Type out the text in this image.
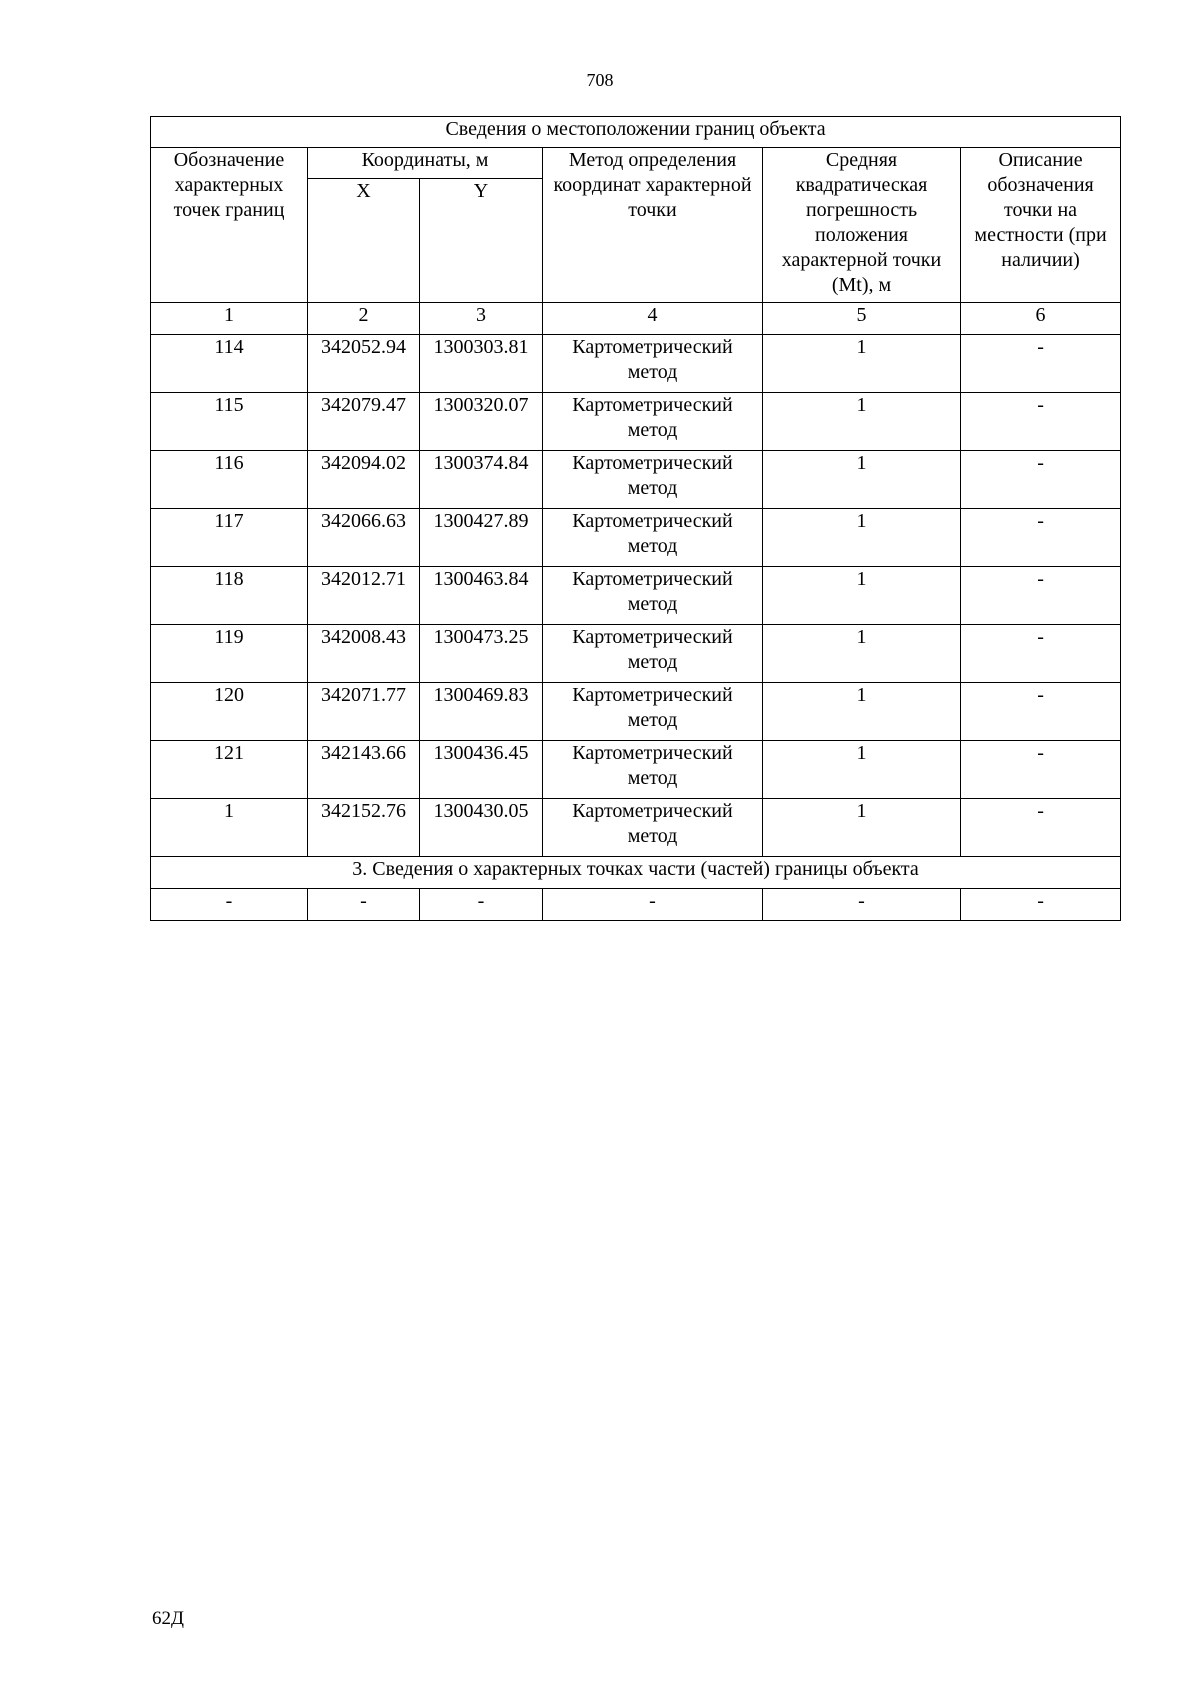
708
Сведения о местоположении границ объекта					
Обозначение характерных точек границ	Координаты, м		Метод определения координат характерной точки	Средняя квадратическая погрешность положения характерной точки (Mt), м	Описание обозначения точки на местности (при наличии)
	X	Y			
1	2	3	4	5	6
114	342052.94	1300303.81	Картометрический метод	1	-
115	342079.47	1300320.07	Картометрический метод	1	-
116	342094.02	1300374.84	Картометрический метод	1	-
117	342066.63	1300427.89	Картометрический метод	1	-
118	342012.71	1300463.84	Картометрический метод	1	-
119	342008.43	1300473.25	Картометрический метод	1	-
120	342071.77	1300469.83	Картометрический метод	1	-
121	342143.66	1300436.45	Картометрический метод	1	-
1	342152.76	1300430.05	Картометрический метод	1	-
3. Сведения о характерных точках части (частей) границы объекта					
-	-	-	-	-	-
62Д
